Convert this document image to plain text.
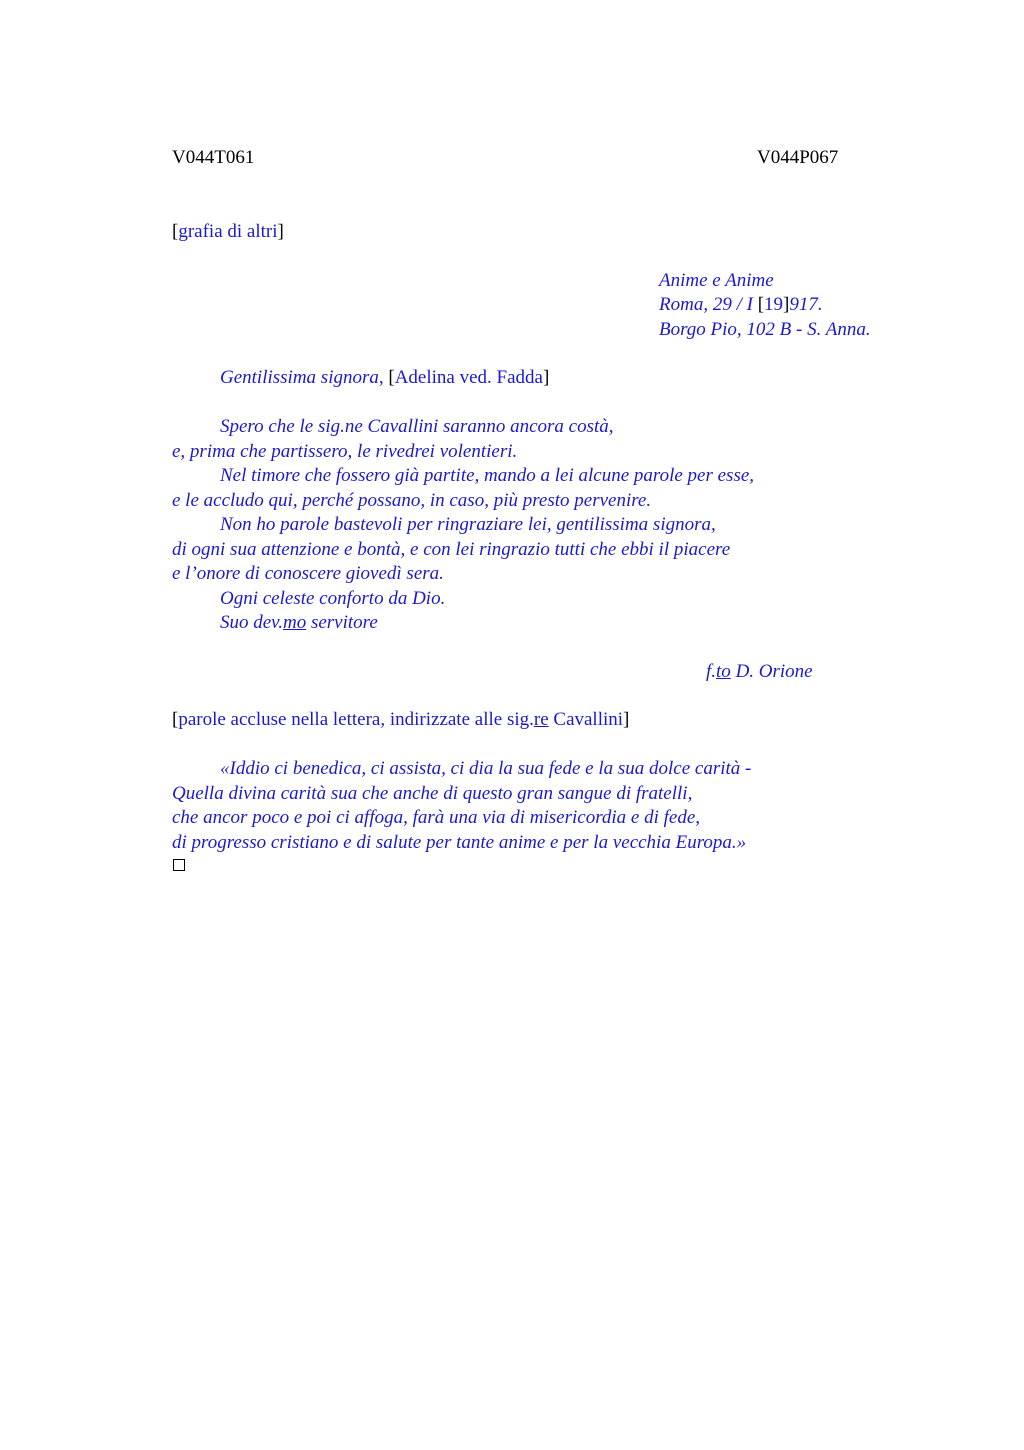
V044T061	V044P067
[grafia di altri]
Anime e Anime
Roma, 29 / I [19]917.
Borgo Pio, 102 B - S. Anna.
Gentilissima signora, [Adelina ved. Fadda]
Spero che le sig.ne Cavallini saranno ancora costà,
e, prima che partissero, le rivedrei volentieri.
Nel timore che fossero già partite, mando a lei alcune parole per esse,
e le accludo qui, perché possano, in caso, più presto pervenire.
Non ho parole bastevoli per ringraziare lei, gentilissima signora,
di ogni sua attenzione e bontà, e con lei ringrazio tutti che ebbi il piacere
e l’onore di conoscere giovedì sera.
Ogni celeste conforto da Dio.
Suo dev.mo servitore
f.to D. Orione
[parole accluse nella lettera, indirizzate alle sig.re Cavallini]
«Iddio ci benedica, ci assista, ci dia la sua fede e la sua dolce carità -
Quella divina carità sua che anche di questo gran sangue di fratelli,
che ancor poco e poi ci affoga, farà una via di misericordia e di fede,
di progresso cristiano e di salute per tante anime e per la vecchia Europa.»
